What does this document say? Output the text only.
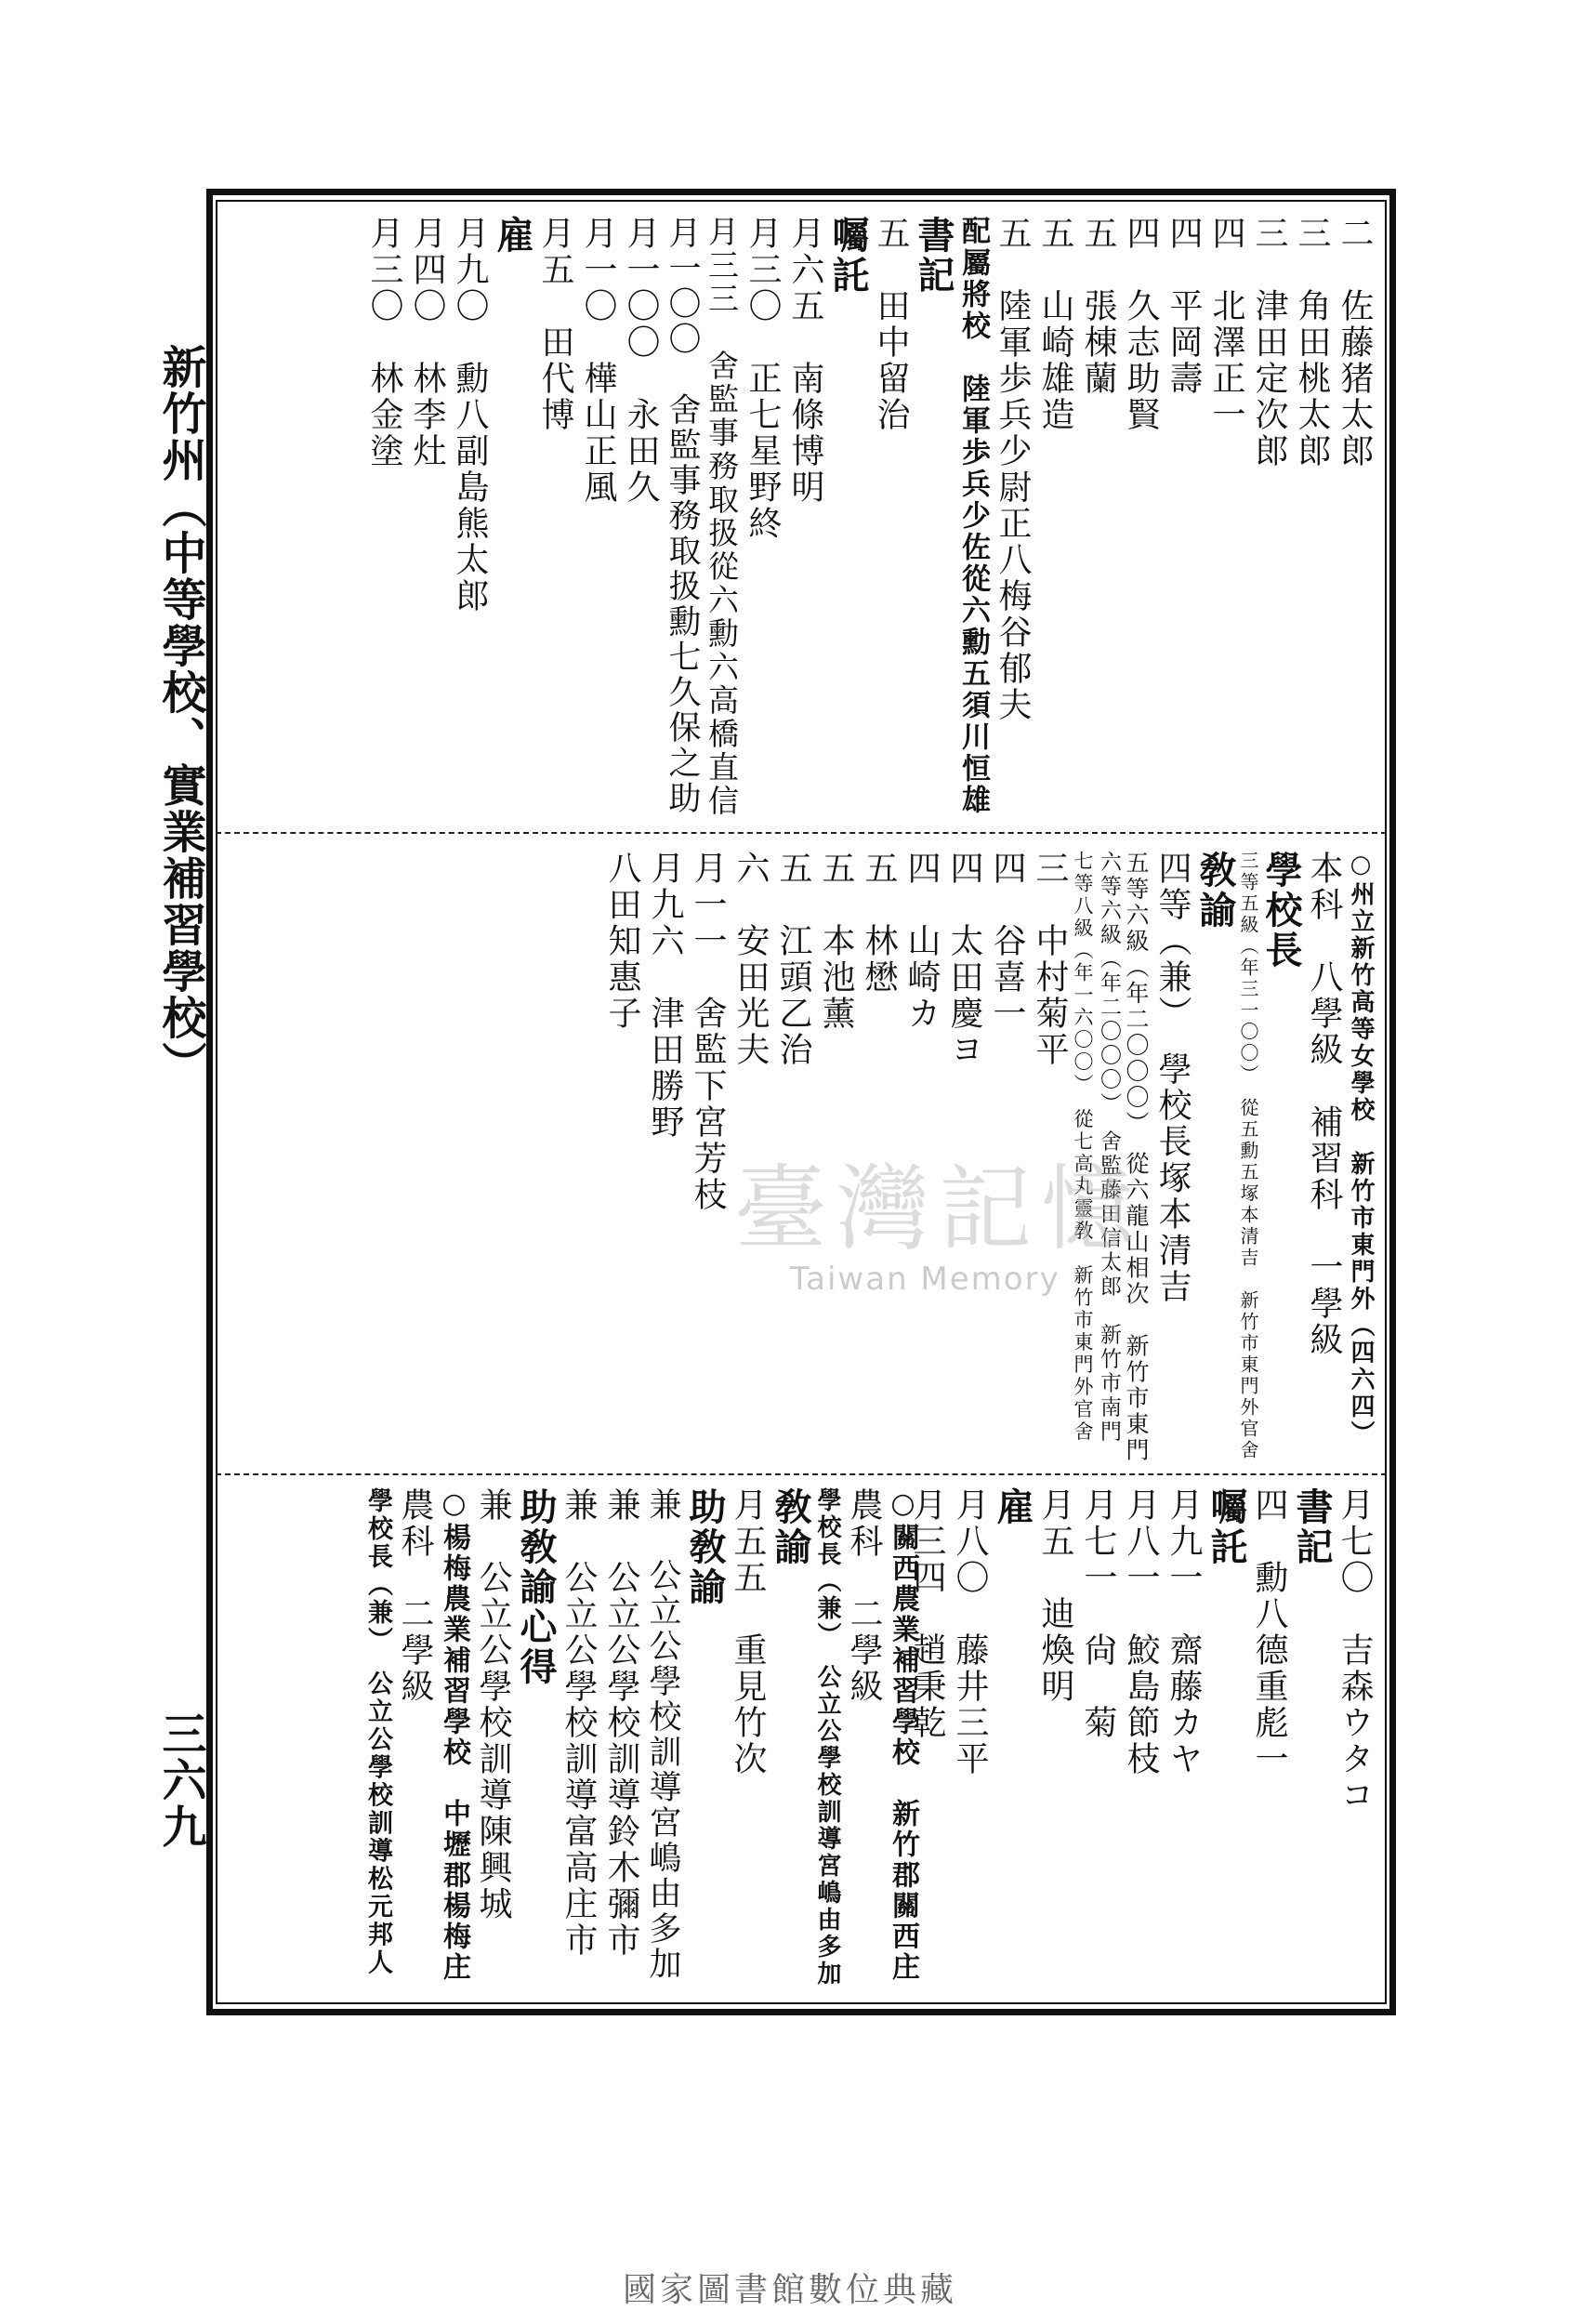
新竹州（中等學校、實業補習學校）
三六九
二　佐藤猪太郎
三　角田桃太郎
三　津田定次郎
四　北澤正一
四　平岡壽
四　久志助賢
五　張棟蘭
五　山崎雄造
五　陸軍歩兵少尉正八梅谷郁夫
配屬將校　陸軍歩兵少佐從六勳五須川恒雄
書記
五　田中留治
囑託
月六五　南條博明
月三〇　正七星野終
月三三　舍監事務取扱從六勳六高橋直信
月一〇〇　舍監事務取扱勳七久保之助
月一〇〇　永田久
月一〇　樺山正風
月五　田代博
雇
月九〇　勳八副島熊太郎
月四〇　林李灶
月三〇　林金塗
○州立新竹高等女學校　新竹市東門外（四六四）
本科　八學級　補習科　一學級
學校長
三等五級（年三一〇〇）　從五勳五塚本清吉　新竹市東門外官舍
敎諭
四等（兼）　學校長塚本清吉
五等六級（年二〇〇〇）　從六龍山相次　新竹市東門
六等六級（年二〇〇〇）　舍監藤田信太郎　新竹市南門
七等八級（年一六〇〇）　從七高丸靈敎　新竹市東門外官舍
三　中村菊平
四　谷喜一
四　太田慶ヨ
四　山崎カ
五　林懋
五　本池薰
五　江頭乙治
六　安田光夫
月一一　舍監下宮芳枝
月九六　津田勝野
八田知惠子
月七〇　吉森ウタコ
書記
四　勳八德重彪一
囑託
月九一　齋藤カヤ
月八一　鮫島節枝
月七一　尙　菊
月五　迪煥明
雇
月八〇　藤井三平
月三四　趙秉乾
○關西農業補習學校　新竹郡關西庄
農科　二學級
學校長（兼）　公立公學校訓導宮嶋由多加
敎諭
月五五　重見竹次
助敎諭
兼　公立公學校訓導宮嶋由多加
兼　公立公學校訓導鈴木彌市
兼　公立公學校訓導富高庄市
助敎諭心得
兼　公立公學校訓導陳興城
○楊梅農業補習學校　中壢郡楊梅庄
農科　二學級
學校長（兼）　公立公學校訓導松元邦人
臺灣記憶
Taiwan Memory
國家圖書館數位典藏
